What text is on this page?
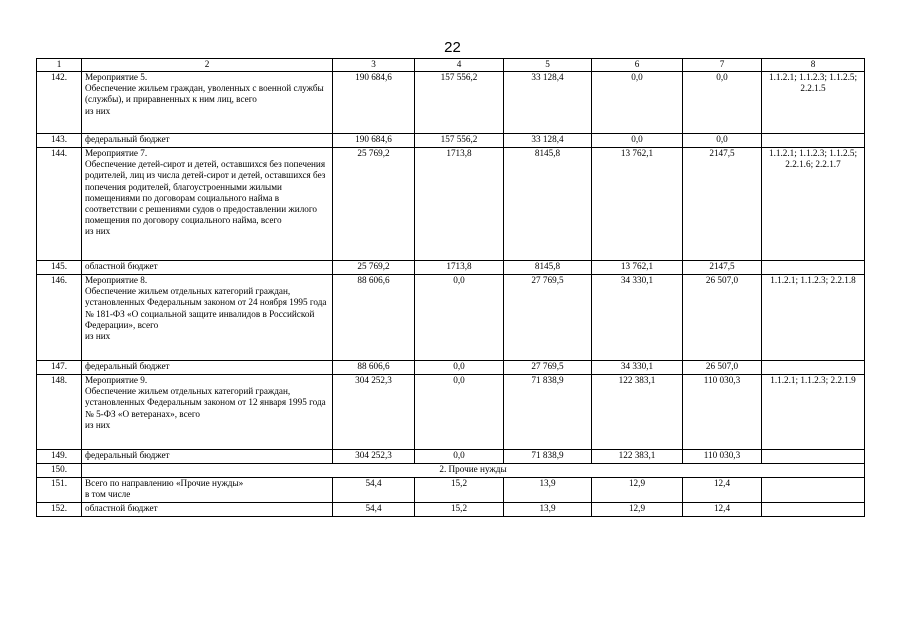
22
1	2	3	4	5	6	7	8
142.	Мероприятие 5.
Обеспечение жильем граждан, уволенных с военной службы (службы), и приравненных к ним лиц, всего
из них	190 684,6	157 556,2	33 128,4	0,0	0,0	1.1.2.1; 1.1.2.3; 1.1.2.5;
2.2.1.5
143.	федеральный бюджет	190 684,6	157 556,2	33 128,4	0,0	0,0	
144.	Мероприятие 7.
Обеспечение детей-сирот и детей, оставшихся без попечения родителей, лиц из числа детей-сирот и детей, оставшихся без попечения родителей, благоустроенными жилыми помещениями по договорам социального найма в соответствии с решениями судов о предоставлении жилого помещения по договору социального найма, всего
из них	25 769,2	1713,8	8145,8	13 762,1	2147,5	1.1.2.1; 1.1.2.3; 1.1.2.5;
2.2.1.6; 2.2.1.7
145.	областной бюджет	25 769,2	1713,8	8145,8	13 762,1	2147,5	
146.	Мероприятие 8.
Обеспечение жильем отдельных категорий граждан, установленных Федеральным законом от 24 ноября 1995 года № 181-ФЗ «О социальной защите инвалидов в Российской Федерации», всего
из них	88 606,6	0,0	27 769,5	34 330,1	26 507,0	1.1.2.1; 1.1.2.3; 2.2.1.8
147.	федеральный бюджет	88 606,6	0,0	27 769,5	34 330,1	26 507,0	
148.	Мероприятие 9.
Обеспечение жильем отдельных категорий граждан, установленных Федеральным законом от 12 января 1995 года № 5-ФЗ «О ветеранах», всего
из них	304 252,3	0,0	71 838,9	122 383,1	110 030,3	1.1.2.1; 1.1.2.3; 2.2.1.9
149.	федеральный бюджет	304 252,3	0,0	71 838,9	122 383,1	110 030,3	
150.	2. Прочие нужды						
151.	Всего по направлению «Прочие нужды»
в том числе	54,4	15,2	13,9	12,9	12,4	
152.	областной бюджет	54,4	15,2	13,9	12,9	12,4	
